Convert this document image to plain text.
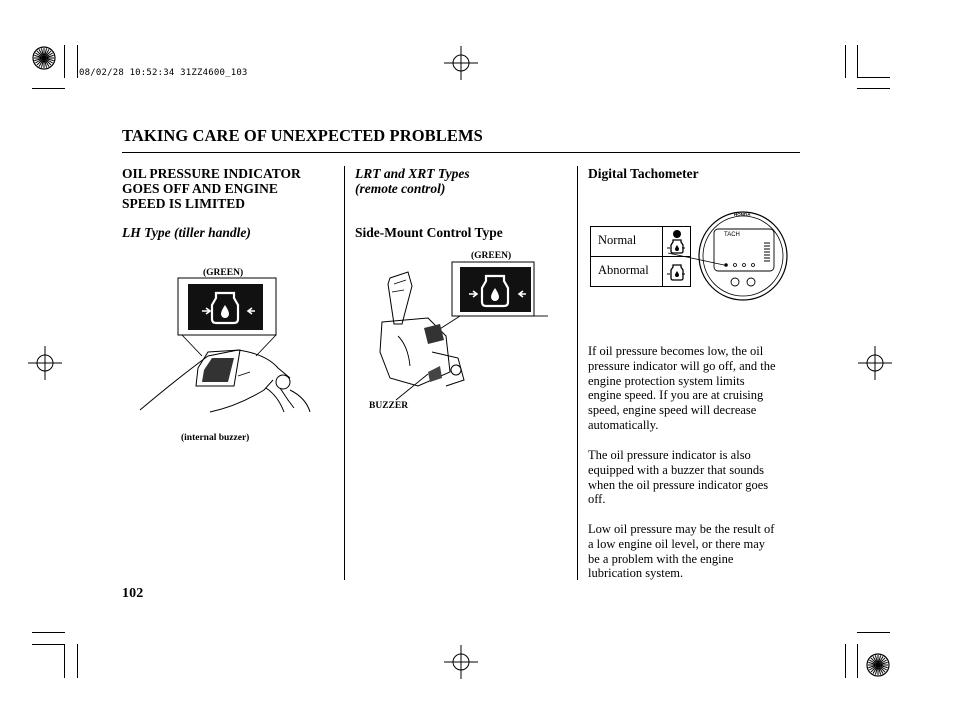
08/02/28 10:52:34 31ZZ4600_103
TAKING CARE OF UNEXPECTED PROBLEMS
OIL PRESSURE INDICATOR
GOES OFF AND ENGINE
SPEED IS LIMITED
LH Type (tiller handle)
(GREEN)
(internal buzzer)
102
LRT and XRT Types
(remote control)
Side-Mount Control Type
(GREEN)
BUZZER
Digital Tachometer
Normal
Abnormal
HONDA
TACH
If oil pressure becomes low, the oil
pressure indicator will go off, and the
engine protection system limits
engine speed. If you are at cruising
speed, engine speed will decrease
automatically.
The oil pressure indicator is also
equipped with a buzzer that sounds
when the oil pressure indicator goes
off.
Low oil pressure may be the result of
a low engine oil level, or there may
be a problem with the engine
lubrication system.
